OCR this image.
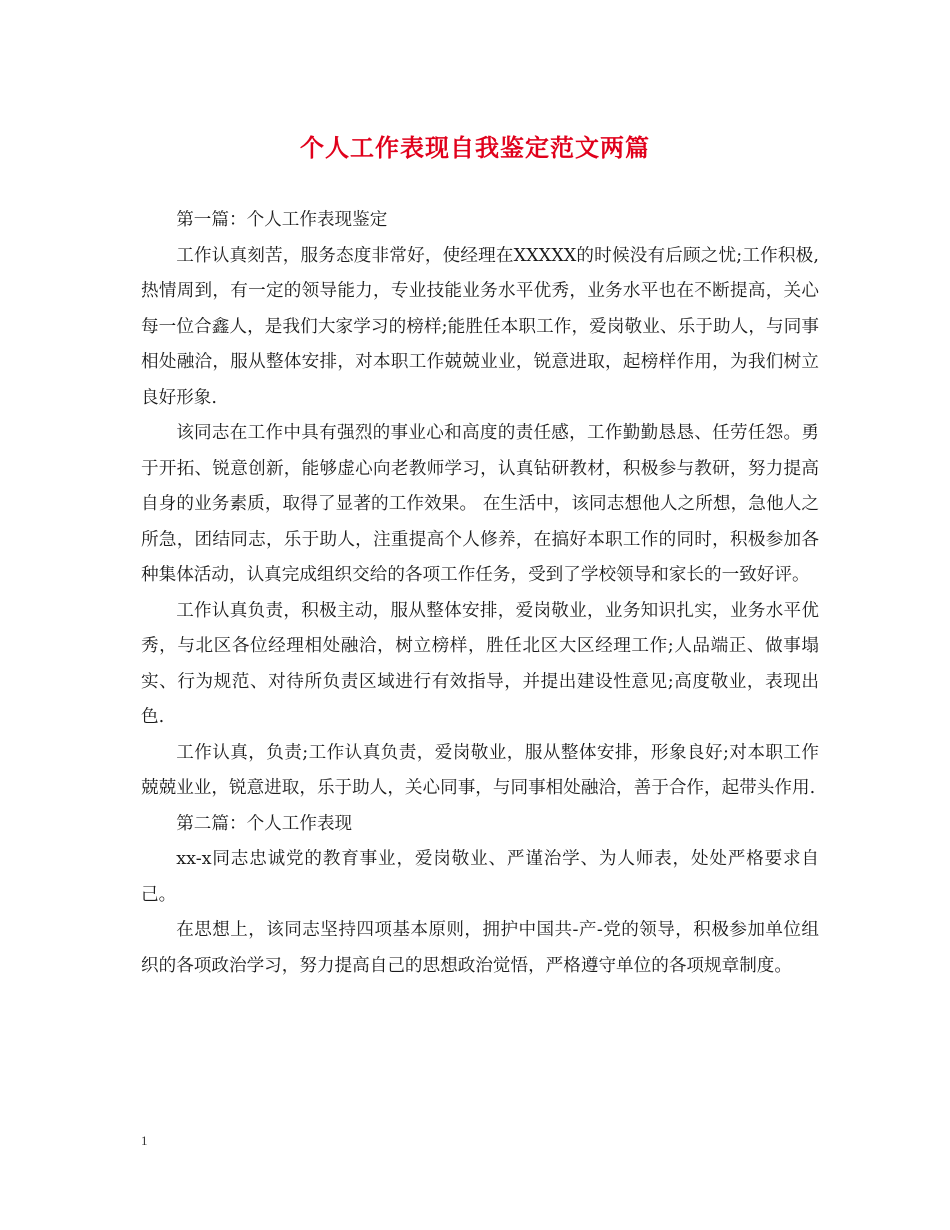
个人工作表现自我鉴定范文两篇

第一篇：个人工作表现鉴定

工作认真刻苦，服务态度非常好，使经理在XXXXX的时候没有后顾之忧;工作积极,热情周到，有一定的领导能力，专业技能业务水平优秀，业务水平也在不断提高，关心每一位合鑫人，是我们大家学习的榜样;能胜任本职工作，爱岗敬业、乐于助人，与同事相处融洽，服从整体安排，对本职工作兢兢业业，锐意进取，起榜样作用，为我们树立良好形象.

该同志在工作中具有强烈的事业心和高度的责任感，工作勤勤恳恳、任劳任怨。勇于开拓、锐意创新，能够虚心向老教师学习，认真钻研教材，积极参与教研，努力提高自身的业务素质，取得了显著的工作效果。 在生活中，该同志想他人之所想，急他人之所急，团结同志，乐于助人，注重提高个人修养，在搞好本职工作的同时，积极参加各种集体活动，认真完成组织交给的各项工作任务，受到了学校领导和家长的一致好评。

工作认真负责，积极主动，服从整体安排，爱岗敬业，业务知识扎实，业务水平优秀，与北区各位经理相处融洽，树立榜样，胜任北区大区经理工作;人品端正、做事塌实、行为规范、对待所负责区域进行有效指导，并提出建设性意见;高度敬业，表现出色.

工作认真，负责;工作认真负责，爱岗敬业，服从整体安排，形象良好;对本职工作兢兢业业，锐意进取，乐于助人，关心同事，与同事相处融洽，善于合作，起带头作用.

第二篇：个人工作表现

xx-x同志忠诚党的教育事业，爱岗敬业、严谨治学、为人师表，处处严格要求自己。

在思想上，该同志坚持四项基本原则，拥护中国共-产-党的领导，积极参加单位组织的各项政治学习，努力提高自己的思想政治觉悟，严格遵守单位的各项规章制度。

1
